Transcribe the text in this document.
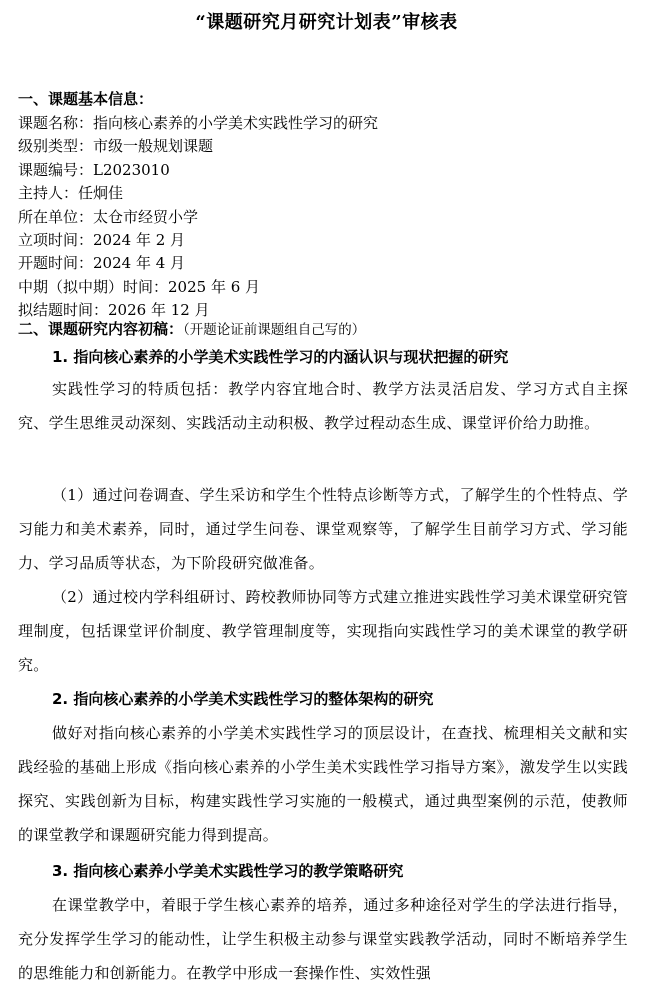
“课题研究月研究计划表”审核表
一、课题基本信息：
课题名称：指向核心素养的小学美术实践性学习的研究
级别类型：市级一般规划课题
课题编号：L2023010
主持人：任炯佳
所在单位：太仓市经贸小学
立项时间：2024 年 2 月
开题时间：2024 年 4 月
中期（拟中期）时间：2025 年 6 月
拟结题时间：2026 年 12 月
二、课题研究内容初稿：（开题论证前课题组自己写的）
1. 指向核心素养的小学美术实践性学习的内涵认识与现状把握的研究

实践性学习的特质包括：教学内容宜地合时、教学方法灵活启发、学习方式自主探究、学生思维灵动深刻、实践活动主动积极、教学过程动态生成、课堂评价给力助推。

（1）通过问卷调查、学生采访和学生个性特点诊断等方式，了解学生的个性特点、学习能力和美术素养，同时，通过学生问卷、课堂观察等，了解学生目前学习方式、学习能力、学习品质等状态，为下阶段研究做准备。

（2）通过校内学科组研讨、跨校教师协同等方式建立推进实践性学习美术课堂研究管理制度，包括课堂评价制度、教学管理制度等，实现指向实践性学习的美术课堂的教学研究。

2. 指向核心素养的小学美术实践性学习的整体架构的研究

做好对指向核心素养的小学美术实践性学习的顶层设计，在查找、梳理相关文献和实践经验的基础上形成《指向核心素养的小学生美术实践性学习指导方案》，激发学生以实践探究、实践创新为目标，构建实践性学习实施的一般模式，通过典型案例的示范，使教师的课堂教学和课题研究能力得到提高。

3. 指向核心素养小学美术实践性学习的教学策略研究

在课堂教学中，着眼于学生核心素养的培养，通过多种途径对学生的学法进行指导，充分发挥学生学习的能动性，让学生积极主动参与课堂实践教学活动，同时不断培养学生的思维能力和创新能力。在教学中形成一套操作性、实效性强
